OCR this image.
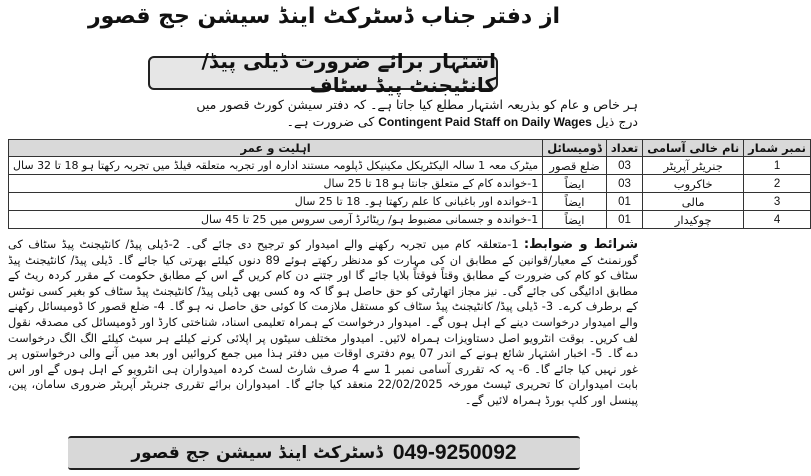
از دفتر جناب ڈسٹرکٹ اینڈ سیشن جج قصور
اشتہار برائے ضرورت ڈیلی پیڈ/ کانٹیجنٹ پیڈ سٹاف
ہر خاص و عام کو بذریعہ اشتہار مطلع کیا جاتا ہے۔ کہ دفتر سیشن کورٹ قصور میں
درج ذیل Contingent Paid Staff on Daily Wages کی ضرورت ہے۔
نمبر شمار	نام خالی آسامی	تعداد	ڈومیسائل	اہلیت و عمر
1	جنریٹر آپریٹر	03	ضلع قصور	میٹرک معہ 1 سالہ الیکٹریکل مکینیکل ڈپلومہ مستند ادارہ اور تجربہ متعلقہ فیلڈ میں تجربہ رکھتا ہو 18 تا 32 سال
2	خاکروب	03	ایضاً	1-خواندہ کام کے متعلق جانتا ہو 18 تا 25 سال
3	مالی	01	ایضاً	1-خواندہ اور باغبانی کا علم رکھتا ہو۔ 18 تا 25 سال
4	چوکیدار	01	ایضاً	1-خواندہ و جسمانی مضبوط ہو/ ریٹائرڈ آرمی سروس میں 25 تا 45 سال
شرائط و ضوابط: 1-متعلقہ کام میں تجربہ رکھنے والے امیدوار کو ترجیح دی جائے گی۔ 2-ڈیلی پیڈ/ کانٹیجنٹ پیڈ سٹاف کی گورنمنٹ کے معیار/قوانین کے مطابق ان کی مہارت کو مدنظر رکھتے ہوئے 89 دنوں کیلئے بھرتی کیا جائے گا۔ ڈیلی پیڈ/ کانٹیجنٹ پیڈ سٹاف کو کام کی ضرورت کے مطابق وقتاً فوقتاً بلایا جائے گا اور جتنے دن کام کریں گے اس کے مطابق حکومت کے مقرر کردہ ریٹ کے مطابق ادائیگی کی جائے گی۔ نیز مجاز اتھارٹی کو حق حاصل ہو گا کہ وہ کسی بھی ڈیلی پیڈ/ کانٹیجنٹ پیڈ سٹاف کو بغیر کسی نوٹس کے برطرف کرے۔ 3- ڈیلی پیڈ/ کانٹیجنٹ پیڈ سٹاف کو مستقل ملازمت کا کوئی حق حاصل نہ ہو گا۔ 4- ضلع قصور کا ڈومیسائل رکھنے والے امیدوار درخواست دینے کے اہل ہوں گے۔ امیدوار درخواست کے ہمراہ تعلیمی اسناد، شناختی کارڈ اور ڈومیسائل کی مصدقہ نقول لف کریں۔ بوقت انٹرویو اصل دستاویزات ہمراہ لائیں۔ امیدوار مختلف سیٹوں پر اپلائی کرنے کیلئے ہر سیٹ کیلئے الگ الگ درخواست دے گا۔ 5- اخبار اشتہار شائع ہونے کے اندر 07 یوم دفتری اوقات میں دفتر ہذا میں جمع کروائیں اور بعد میں آنے والی درخواستوں پر غور نہیں کیا جائے گا۔ 6- یہ کہ تقرری آسامی نمبر 1 سے 4 صرف شارٹ لسٹ کردہ امیدواران ہی انٹرویو کے اہل ہوں گے اور اس بابت امیدواران کا تحریری ٹیسٹ مورخہ 22/02/2025 منعقد کیا جائے گا۔ امیدواران برائے تقرری جنریٹر آپریٹر ضروری سامان، پین، پینسل اور کلپ بورڈ ہمراہ لائیں گے۔
ڈسٹرکٹ اینڈ سیشن جج قصور 049-9250092
